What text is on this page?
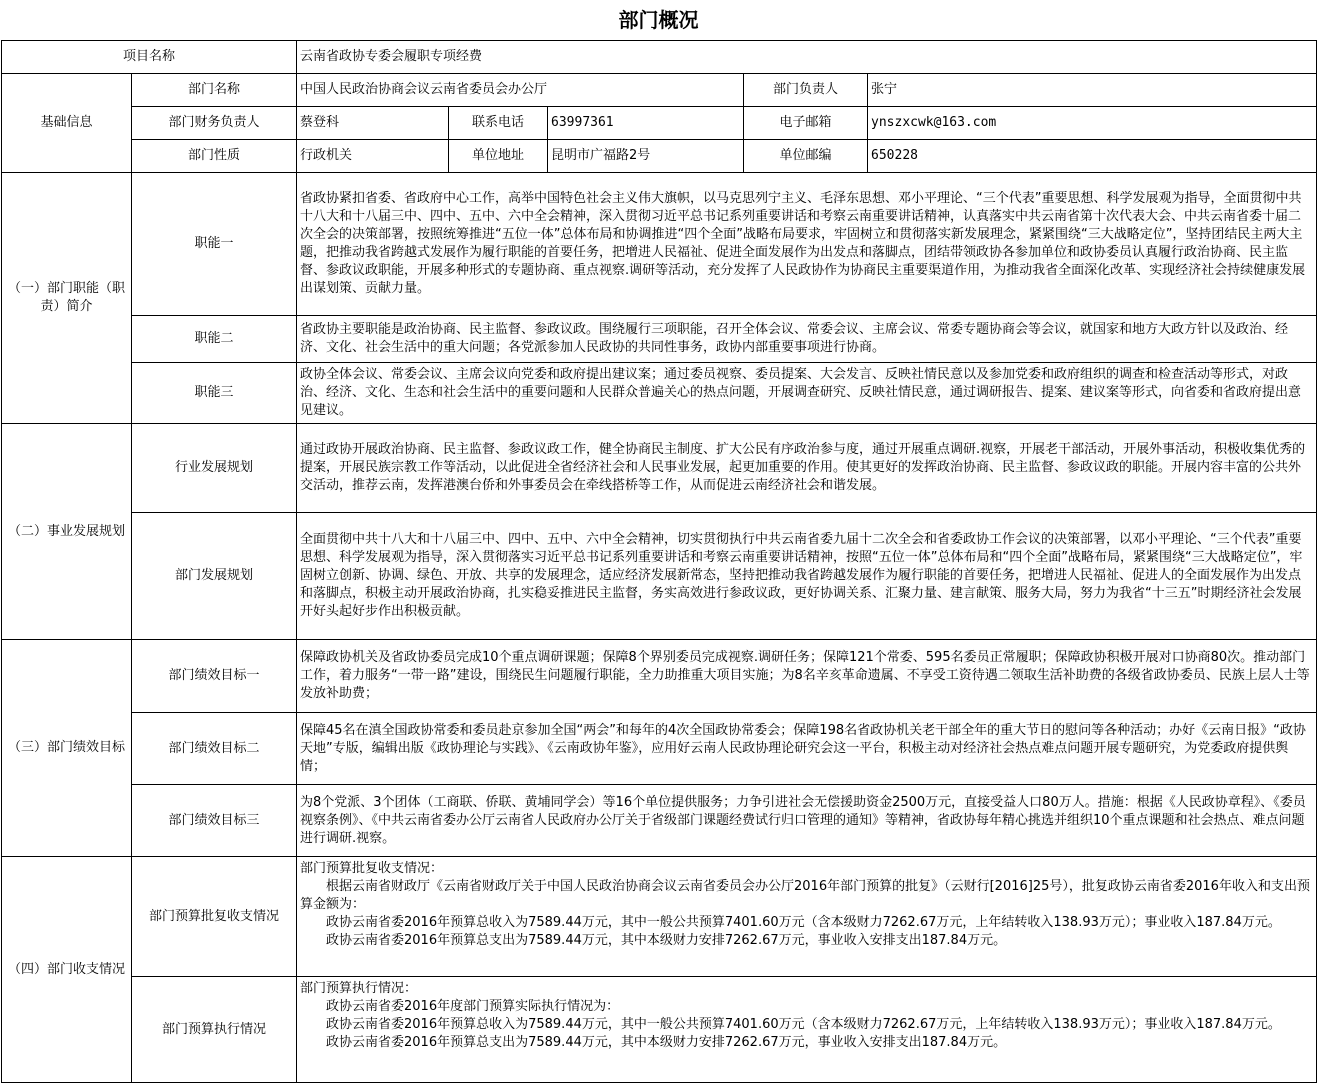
部门概况
项目名称		云南省政协专委会履职专项经费				
基础信息	部门名称	中国人民政治协商会议云南省委员会办公厅			部门负责人	张宁
	部门财务负责人	蔡登科	联系电话	63997361	电子邮箱	ynszxcwk@163.com
	部门性质	行政机关	单位地址	昆明市广福路2号	单位邮编	650228
（一）部门职能（职责）简介	职能一	省政协紧扣省委、省政府中心工作，高举中国特色社会主义伟大旗帜，以马克思列宁主义、毛泽东思想、邓小平理论、“三个代表”重要思想、科学发展观为指导，全面贯彻中共十八大和十八届三中、四中、五中、六中全会精神，深入贯彻习近平总书记系列重要讲话和考察云南重要讲话精神，认真落实中共云南省第十次代表大会、中共云南省委十届二次全会的决策部署，按照统筹推进“五位一体”总体布局和协调推进“四个全面”战略布局要求，牢固树立和贯彻落实新发展理念，紧紧围绕“三大战略定位”，坚持团结民主两大主题，把推动我省跨越式发展作为履行职能的首要任务，把增进人民福祉、促进全面发展作为出发点和落脚点，团结带领政协各参加单位和政协委员认真履行政治协商、民主监督、参政议政职能，开展多种形式的专题协商、重点视察.调研等活动，充分发挥了人民政协作为协商民主重要渠道作用，为推动我省全面深化改革、实现经济社会持续健康发展出谋划策、贡献力量。				
	职能二	省政协主要职能是政治协商、民主监督、参政议政。围绕履行三项职能，召开全体会议、常委会议、主席会议、常委专题协商会等会议，就国家和地方大政方针以及政治、经济、文化、社会生活中的重大问题；各党派参加人民政协的共同性事务，政协内部重要事项进行协商。				
	职能三	政协全体会议、常委会议、主席会议向党委和政府提出建议案；通过委员视察、委员提案、大会发言、反映社情民意以及参加党委和政府组织的调查和检查活动等形式，对政治、经济、文化、生态和社会生活中的重要问题和人民群众普遍关心的热点问题，开展调查研究、反映社情民意，通过调研报告、提案、建议案等形式，向省委和省政府提出意见建议。				
（二）事业发展规划	行业发展规划	通过政协开展政治协商、民主监督、参政议政工作，健全协商民主制度、扩大公民有序政治参与度，通过开展重点调研.视察，开展老干部活动，开展外事活动，积极收集优秀的提案，开展民族宗教工作等活动，以此促进全省经济社会和人民事业发展，起更加重要的作用。使其更好的发挥政治协商、民主监督、参政议政的职能。开展内容丰富的公共外交活动，推荐云南，发挥港澳台侨和外事委员会在牵线搭桥等工作，从而促进云南经济社会和谐发展。				
	部门发展规划	全面贯彻中共十八大和十八届三中、四中、五中、六中全会精神，切实贯彻执行中共云南省委九届十二次全会和省委政协工作会议的决策部署，以邓小平理论、“三个代表”重要思想、科学发展观为指导，深入贯彻落实习近平总书记系列重要讲话和考察云南重要讲话精神，按照“五位一体”总体布局和“四个全面”战略布局，紧紧围绕“三大战略定位”，牢固树立创新、协调、绿色、开放、共享的发展理念，适应经济发展新常态，坚持把推动我省跨越发展作为履行职能的首要任务，把增进人民福祉、促进人的全面发展作为出发点和落脚点，积极主动开展政治协商，扎实稳妥推进民主监督，务实高效进行参政议政，更好协调关系、汇聚力量、建言献策、服务大局，努力为我省“十三五”时期经济社会发展开好头起好步作出积极贡献。				
（三）部门绩效目标	部门绩效目标一	保障政协机关及省政协委员完成10个重点调研课题；保障8个界别委员完成视察.调研任务；保障121个常委、595名委员正常履职；保障政协积极开展对口协商80次。推动部门工作，着力服务“一带一路”建设，围绕民生问题履行职能，全力助推重大项目实施；为8名辛亥革命遗属、不享受工资待遇二领取生活补助费的各级省政协委员、民族上层人士等发放补助费；				
	部门绩效目标二	保障45名在滇全国政协常委和委员赴京参加全国“两会”和每年的4次全国政协常委会；保障198名省政协机关老干部全年的重大节日的慰问等各种活动；办好《云南日报》“政协天地”专版，编辑出版《政协理论与实践》、《云南政协年鉴》，应用好云南人民政协理论研究会这一平台，积极主动对经济社会热点难点问题开展专题研究，为党委政府提供舆情；				
	部门绩效目标三	为8个党派、3个团体（工商联、侨联、黄埔同学会）等16个单位提供服务；力争引进社会无偿援助资金2500万元，直接受益人口80万人。措施：根据《人民政协章程》、《委员视察条例》、《中共云南省委办公厅云南省人民政府办公厅关于省级部门课题经费试行归口管理的通知》等精神，省政协每年精心挑选并组织10个重点课题和社会热点、难点问题进行调研.视察。				
（四）部门收支情况	部门预算批复收支情况	部门预算批复收支情况：
根据云南省财政厅《云南省财政厅关于中国人民政治协商会议云南省委员会办公厅2016年部门预算的批复》（云财行[2016]25号），批复政协云南省委2016年收入和支出预算金额为：
政协云南省委2016年预算总收入为7589.44万元，其中一般公共预算7401.60万元（含本级财力7262.67万元，上年结转收入138.93万元）；事业收入187.84万元。
政协云南省委2016年预算总支出为7589.44万元，其中本级财力安排7262.67万元，事业收入安排支出187.84万元。				

	部门预算执行情况	部门预算执行情况：
政协云南省委2016年度部门预算实际执行情况为：
政协云南省委2016年预算总收入为7589.44万元，其中一般公共预算7401.60万元（含本级财力7262.67万元，上年结转收入138.93万元）；事业收入187.84万元。
政协云南省委2016年预算总支出为7589.44万元，其中本级财力安排7262.67万元，事业收入安排支出187.84万元。				
